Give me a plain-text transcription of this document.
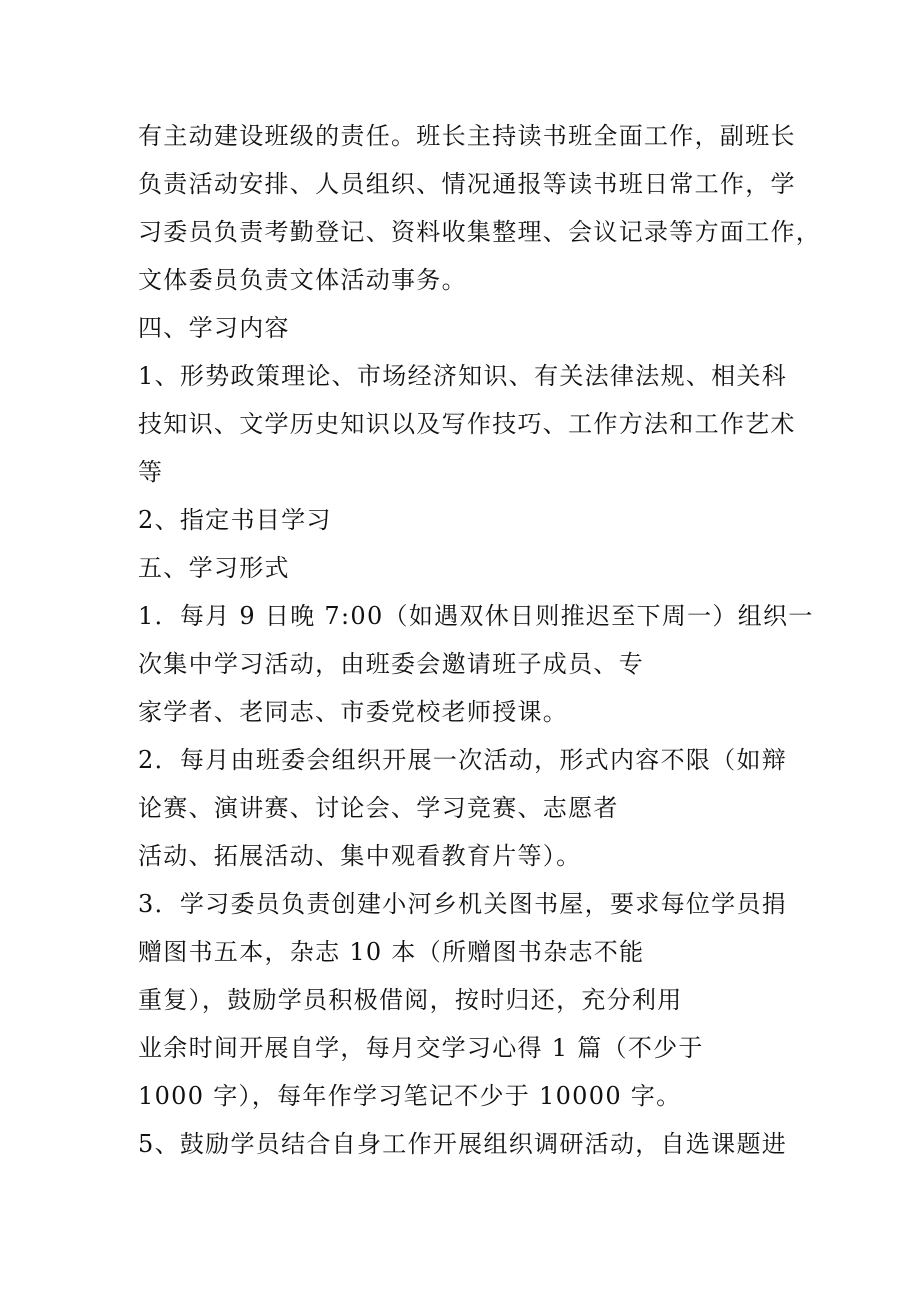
有主动建设班级的责任。班长主持读书班全面工作，副班长
负责活动安排、人员组织、情况通报等读书班日常工作，学
习委员负责考勤登记、资料收集整理、会议记录等方面工作，
文体委员负责文体活动事务。
四、学习内容
1、形势政策理论、市场经济知识、有关法律法规、相关科
技知识、文学历史知识以及写作技巧、工作方法和工作艺术
等
2、指定书目学习
五、学习形式
1．每月 9 日晚 7:00（如遇双休日则推迟至下周一）组织一
次集中学习活动，由班委会邀请班子成员、专
家学者、老同志、市委党校老师授课。
2．每月由班委会组织开展一次活动，形式内容不限（如辩
论赛、演讲赛、讨论会、学习竞赛、志愿者
活动、拓展活动、集中观看教育片等）。
3．学习委员负责创建小河乡机关图书屋，要求每位学员捐
赠图书五本，杂志 10 本（所赠图书杂志不能
重复），鼓励学员积极借阅，按时归还，充分利用
业余时间开展自学，每月交学习心得 1 篇（不少于
1000 字），每年作学习笔记不少于 10000 字。
5、鼓励学员结合自身工作开展组织调研活动，自选课题进
